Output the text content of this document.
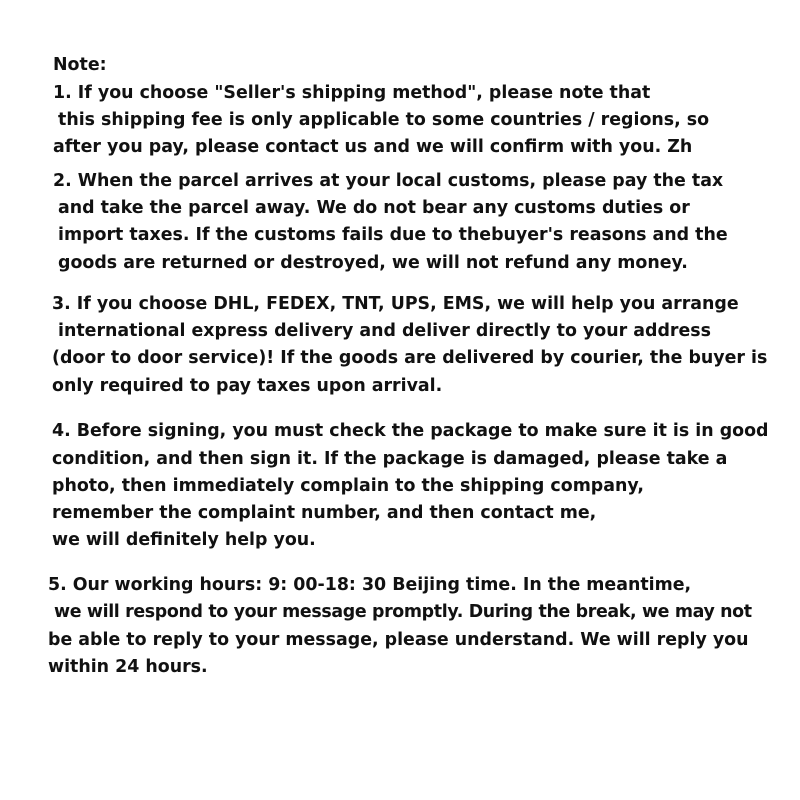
Note:
1. If you choose "Seller's shipping method", please note that
this shipping fee is only applicable to some countries / regions, so
after you pay, please contact us and we will confirm with you. Zh
2. When the parcel arrives at your local customs, please pay the tax
and take the parcel away. We do not bear any customs duties or
import taxes. If the customs fails due to thebuyer's reasons and the
goods are returned or destroyed, we will not refund any money.
3. If you choose DHL, FEDEX, TNT, UPS, EMS, we will help you arrange
international express delivery and deliver directly to your address
(door to door service)! If the goods are delivered by courier, the buyer is
only required to pay taxes upon arrival.
4. Before signing, you must check the package to make sure it is in good
condition, and then sign it. If the package is damaged, please take a
photo, then immediately complain to the shipping company,
remember the complaint number, and then contact me,
we will definitely help you.
5. Our working hours: 9: 00-18: 30 Beijing time. In the meantime,
we will respond to your message promptly. During the break, we may not
be able to reply to your message, please understand. We will reply you
within 24 hours.
